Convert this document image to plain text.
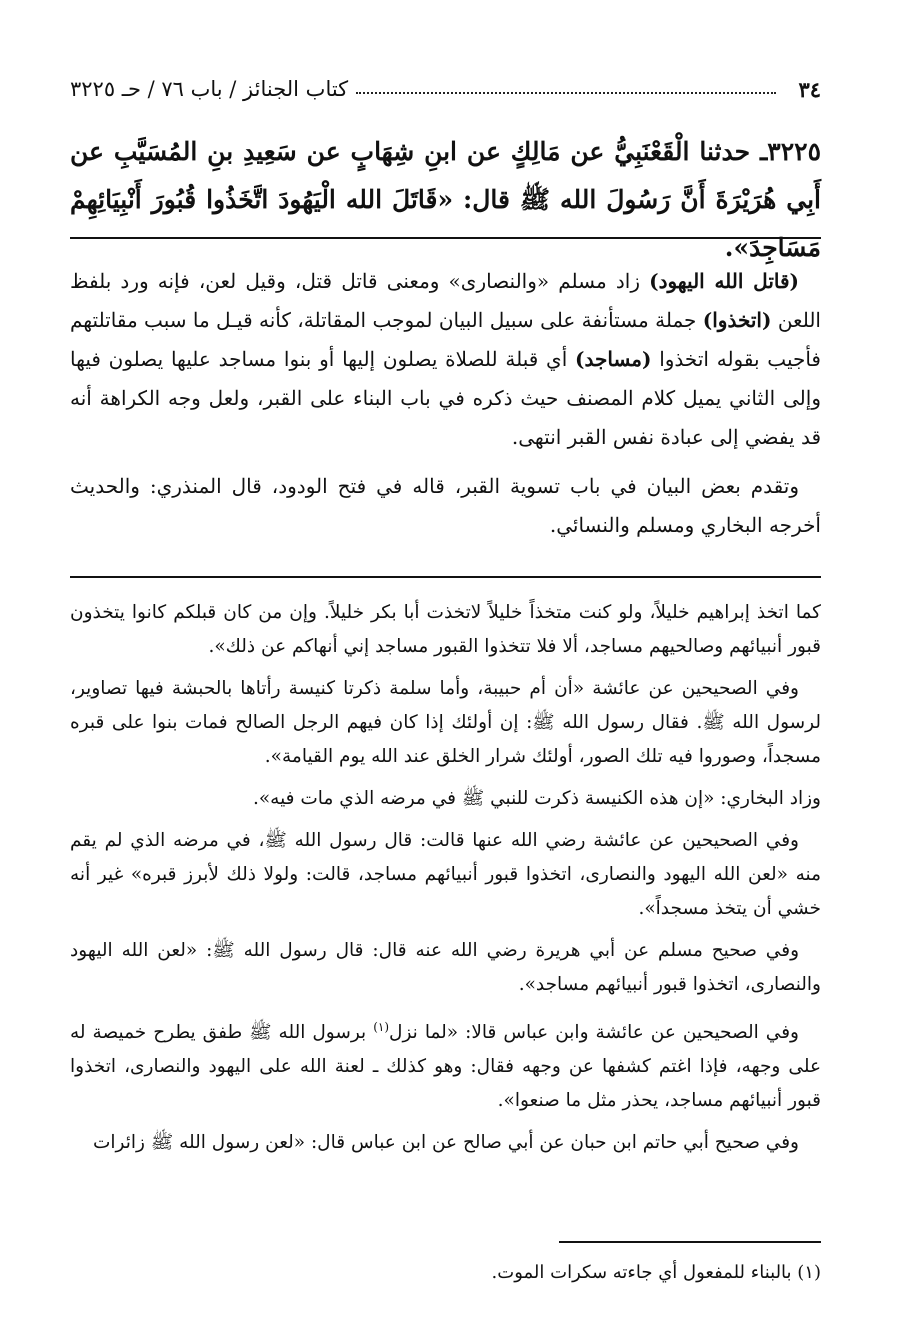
٣٤
كتاب الجنائز / باب ٧٦ / حـ ٣٢٢٥
٣٢٢٥ـ حدثنا الْقَعْنَبِيُّ عن مَالِكٍ عن ابنِ شِهَابٍ عن سَعِيدِ بنِ المُسَيَّبِ عن أَبِي هُرَيْرَةَ أَنَّ رَسُولَ الله ﷺ قال: «قَاتَلَ الله الْيَهُودَ اتَّخَذُوا قُبُورَ أَنْبِيَائِهِمْ مَسَاجِدَ».

(قاتل الله اليهود) زاد مسلم «والنصارى» ومعنى قاتل قتل، وقيل لعن، فإنه ورد بلفظ اللعن (اتخذوا) جملة مستأنفة على سبيل البيان لموجب المقاتلة، كأنه قيـل ما سبب مقاتلتهم فأجيب بقوله اتخذوا (مساجد) أي قبلة للصلاة يصلون إليها أو بنوا مساجد عليها يصلون فيها وإلى الثاني يميل كلام المصنف حيث ذكره في باب البناء على القبر، ولعل وجه الكراهة أنه قد يفضي إلى عبادة نفس القبر انتهى.

وتقدم بعض البيان في باب تسوية القبر، قاله في فتح الودود، قال المنذري: والحديث أخرجه البخاري ومسلم والنسائي.

كما اتخذ إبراهيم خليلاً، ولو كنت متخذاً خليلاً لاتخذت أبا بكر خليلاً. وإن من كان قبلكم كانوا يتخذون قبور أنبيائهم وصالحيهم مساجد، ألا فلا تتخذوا القبور مساجد إني أنهاكم عن ذلك».

وفي الصحيحين عن عائشة «أن أم حبيبة، وأما سلمة ذكرتا كنيسة رأتاها بالحبشة فيها تصاوير، لرسول الله ﷺ. فقال رسول الله ﷺ: إن أولئك إذا كان فيهم الرجل الصالح فمات بنوا على قبره مسجداً، وصوروا فيه تلك الصور، أولئك شرار الخلق عند الله يوم القيامة».

وزاد البخاري: «إن هذه الكنيسة ذكرت للنبي ﷺ في مرضه الذي مات فيه».

وفي الصحيحين عن عائشة رضي الله عنها قالت: قال رسول الله ﷺ، في مرضه الذي لم يقم منه «لعن الله اليهود والنصارى، اتخذوا قبور أنبيائهم مساجد، قالت: ولولا ذلك لأبرز قبره» غير أنه خشي أن يتخذ مسجداً».

وفي صحيح مسلم عن أبي هريرة رضي الله عنه قال: قال رسول الله ﷺ: «لعن الله اليهود والنصارى، اتخذوا قبور أنبيائهم مساجد».

وفي الصحيحين عن عائشة وابن عباس قالا: «لما نزل$^{(١)}$ برسول الله ﷺ طفق يطرح خميصة له على وجهه، فإذا اغتم كشفها عن وجهه فقال: وهو كذلك ـ لعنة الله على اليهود والنصارى، اتخذوا قبور أنبيائهم مساجد، يحذر مثل ما صنعوا».

وفي صحيح أبي حاتم ابن حبان عن أبي صالح عن ابن عباس قال: «لعن رسول الله ﷺ زائرات

(١) بالبناء للمفعول أي جاءته سكرات الموت.
